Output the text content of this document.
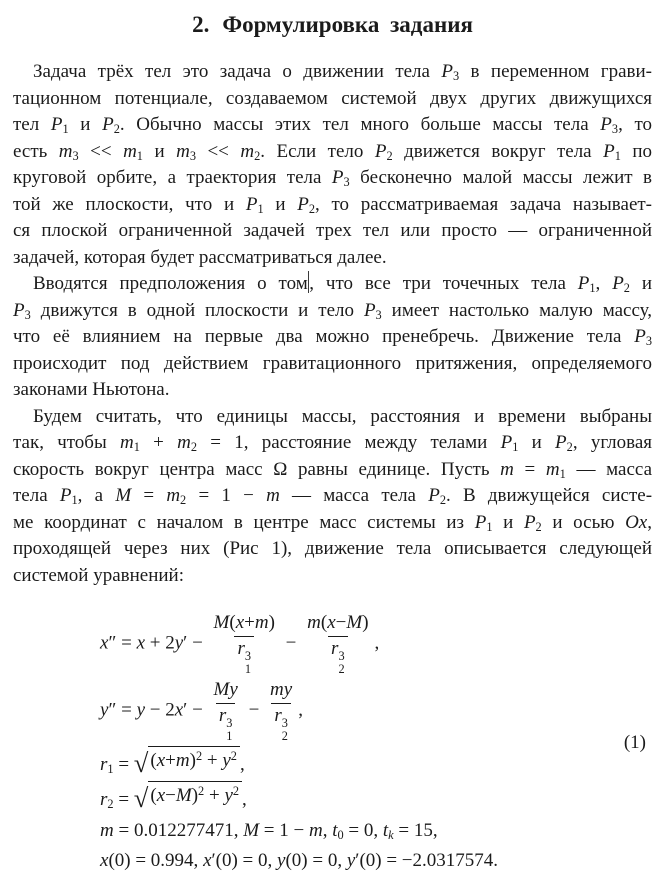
2. Формулировка задания
Задача трёх тел это задача о движении тела P3 в переменном грави-
тационном потенциале, создаваемом системой двух других движущихся
тел P1 и P2. Обычно массы этих тел много больше массы тела P3, то
есть m3 << m1 и m3 << m2. Если тело P2 движется вокруг тела P1 по
круговой орбите, а траектория тела P3 бесконечно малой массы лежит в
той же плоскости, что и P1 и P2, то рассматриваемая задача называет-
ся плоской ограниченной задачей трех тел или просто — ограниченной
задачей, которая будет рассматриваться далее.
Вводятся предположения о том, что все три точечных тела P1, P2 и
P3 движутся в одной плоскости и тело P3 имеет настолько малую массу,
что её влиянием на первые два можно пренебречь. Движение тела P3
происходит под действием гравитационного притяжения, определяемого
законами Ньютона.
Будем считать, что единицы массы, расстояния и времени выбраны
так, чтобы m1 + m2 = 1, расстояние между телами P1 и P2, угловая
скорость вокруг центра масс Ω равны единице. Пусть m = m1 — масса
тела P1, а M = m2 = 1 − m — масса тела P2. В движущейся систе-
ме координат с началом в центре масс системы из P1 и P2 и осью Ox,
проходящей через них (Рис 1), движение тела описывается следующей
системой уравнений:
x″ = x + 2y′ − M(x+m)
r 3
1 − m(x−M)
r 3
2 ,
y″ = y − 2x′ − My
r 3
1 − my
r 3
2 ,
r1 = √ $(x+m)^2 + y^2$ ,
r2 = √ $(x-M)^2 + y^2$ ,
m = 0.012277471, M = 1 − m, t0 = 0, tk = 15,
x(0) = 0.994, x′(0) = 0, y(0) = 0, y′(0) = −2.0317574.
(1)
